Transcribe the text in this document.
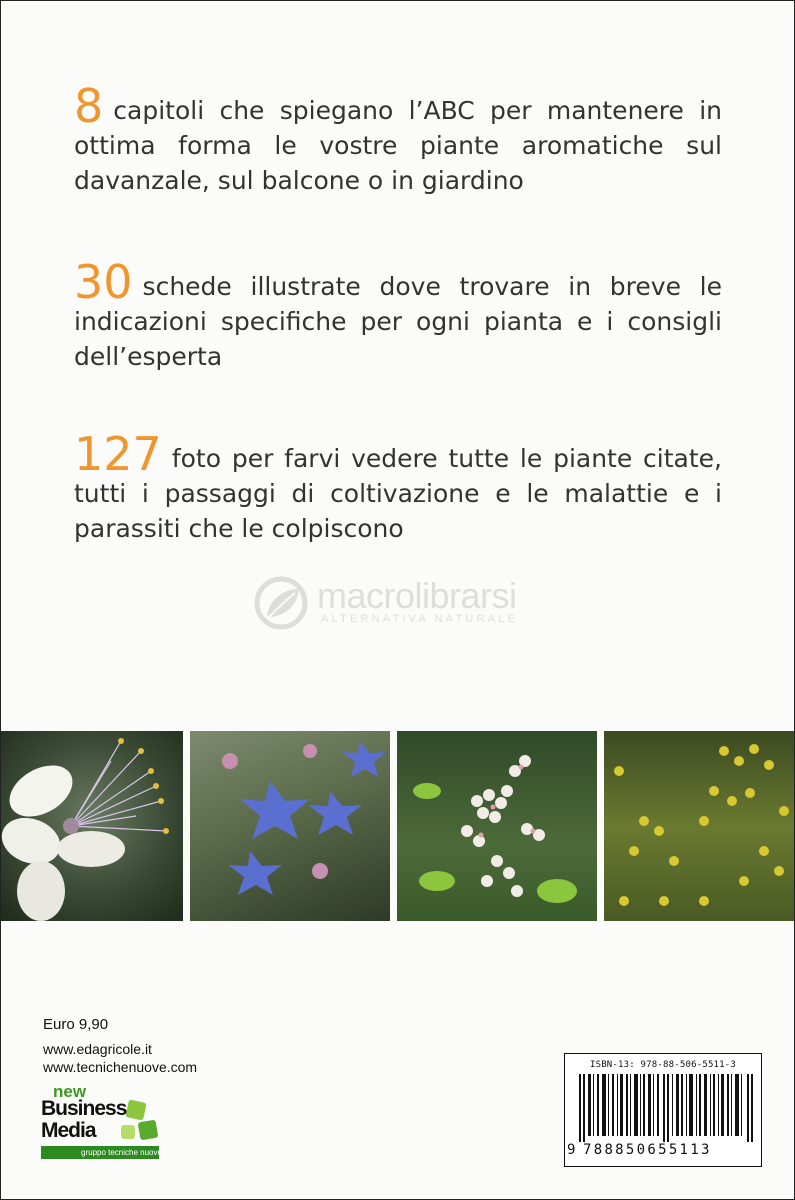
8 capitoli che spiegano l’ABC per mantenere in ottima forma le vostre piante aromatiche sul davanzale, sul balcone o in giardino
30 schede illustrate dove trovare in breve le indicazioni specifiche per ogni pianta e i consigli dell’esperta
127 foto per farvi vedere tutte le piante citate, tutti i passaggi di coltivazione e le malattie e i parassiti che le colpiscono
macrolibrarsi
ALTERNATIVA NATURALE
Euro 9,90
www.edagricole.it
www.tecnichenuove.com
new
Business
Media
gruppo tecniche nuove
ISBN-13: 978-88-506-5511-3
9 788850655113
